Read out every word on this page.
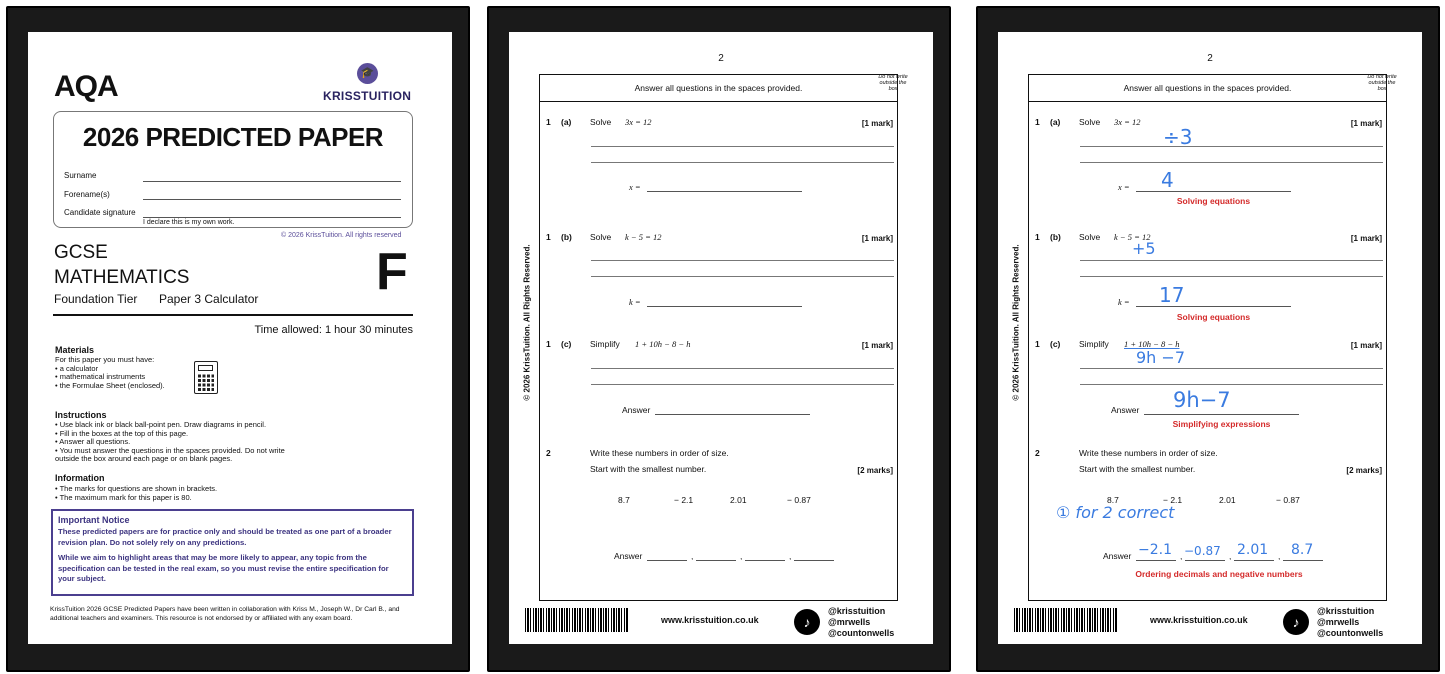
AQA	🎓
KRISSTUITION
2026 PREDICTED PAPER
Surname
Forename(s)
Candidate signature
I declare this is my own work.
© 2026 KrissTuition. All rights reserved
GCSE
MATHEMATICS	F
Foundation Tier Paper 3 Calculator
Time allowed: 1 hour 30 minutes
Materials
For this paper you must have:
• a calculator
• mathematical instruments
• the Formulae Sheet (enclosed).
Instructions
• Use black ink or black ball-point pen. Draw diagrams in pencil.
• Fill in the boxes at the top of this page.
• Answer all questions.
• You must answer the questions in the spaces provided. Do not write
outside the box around each page or on blank pages.
Information
• The marks for questions are shown in brackets.
• The maximum mark for this paper is 80.
Important Notice

These predicted papers are for practice only and should be treated as one part of a broader revision plan. Do not solely rely on any predictions.

While we aim to highlight areas that may be more likely to appear, any topic from the specification can be tested in the real exam, so you must revise the entire specification for your subject.

KrissTuition 2026 GCSE Predicted Papers have been written in collaboration with Kriss M., Joseph W., Dr Carl B., and additional teachers and examiners. This resource is not endorsed by or affiliated with any exam board.
2
Do not write outside the box
© 2026 KrissTuition. All Rights Reserved.
Answer all questions in the spaces provided.
1 (a) Solve 3x = 12	[1 mark]
x =
1 (b) Solve k − 5 = 12	[1 mark]
k =
1 (c) Simplify 1 + 10h − 8 − h	[1 mark]
Answer
2	Write these numbers in order of size.
Start with the smallest number.	[2 marks]
8.7	− 2.1	2.01	− 0.87
Answer	,	,	,
www.krisstuition.co.uk	♪
@krisstuition
@mrwells
@countonwells
2
Do not write outside the box
© 2026 KrissTuition. All Rights Reserved.
Answer all questions in the spaces provided.
1 (a) Solve 3x = 12	[1 mark]
÷3
x = 4
Solving equations
1 (b) Solve k − 5 = 12	[1 mark]
+5
k = 17
Solving equations
1 (c) Simplify 1 + 10h − 8 − h	[1 mark]
9h −7
Answer 9h−7
Simplifying expressions
2	Write these numbers in order of size.
Start with the smallest number.	[2 marks]
8.7	− 2.1	2.01	− 0.87
① for 2 correct
Answer −2.1 , −0.87 , 2.01 , 8.7
Ordering decimals and negative numbers
www.krisstuition.co.uk	♪
@krisstuition
@mrwells
@countonwells
